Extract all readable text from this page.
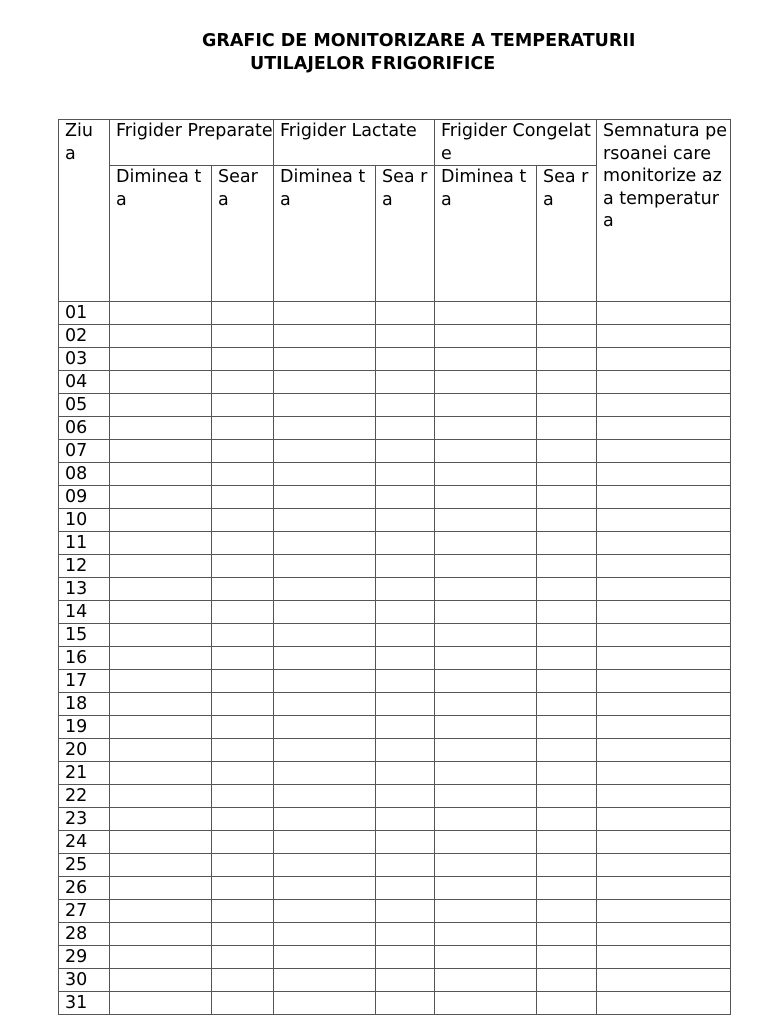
GRAFIC DE MONITORIZARE A TEMPERATURII
UTILAJELOR FRIGORIFICE
Ziu a	Frigider Preparate		Frigider Lactate		Frigider Congelate		Semnatura persoanei care monitorize aza temperatur a
	Diminea ta	Sear a	Diminea ta	Sea ra	Diminea ta	Sea ra	
01							
02							
03							
04							
05							
06							
07							
08							
09							
10							
11							
12							
13							
14							
15							
16							
17							
18							
19							
20							
21							
22							
23							
24							
25							
26							
27							
28							
29							
30							
31							
